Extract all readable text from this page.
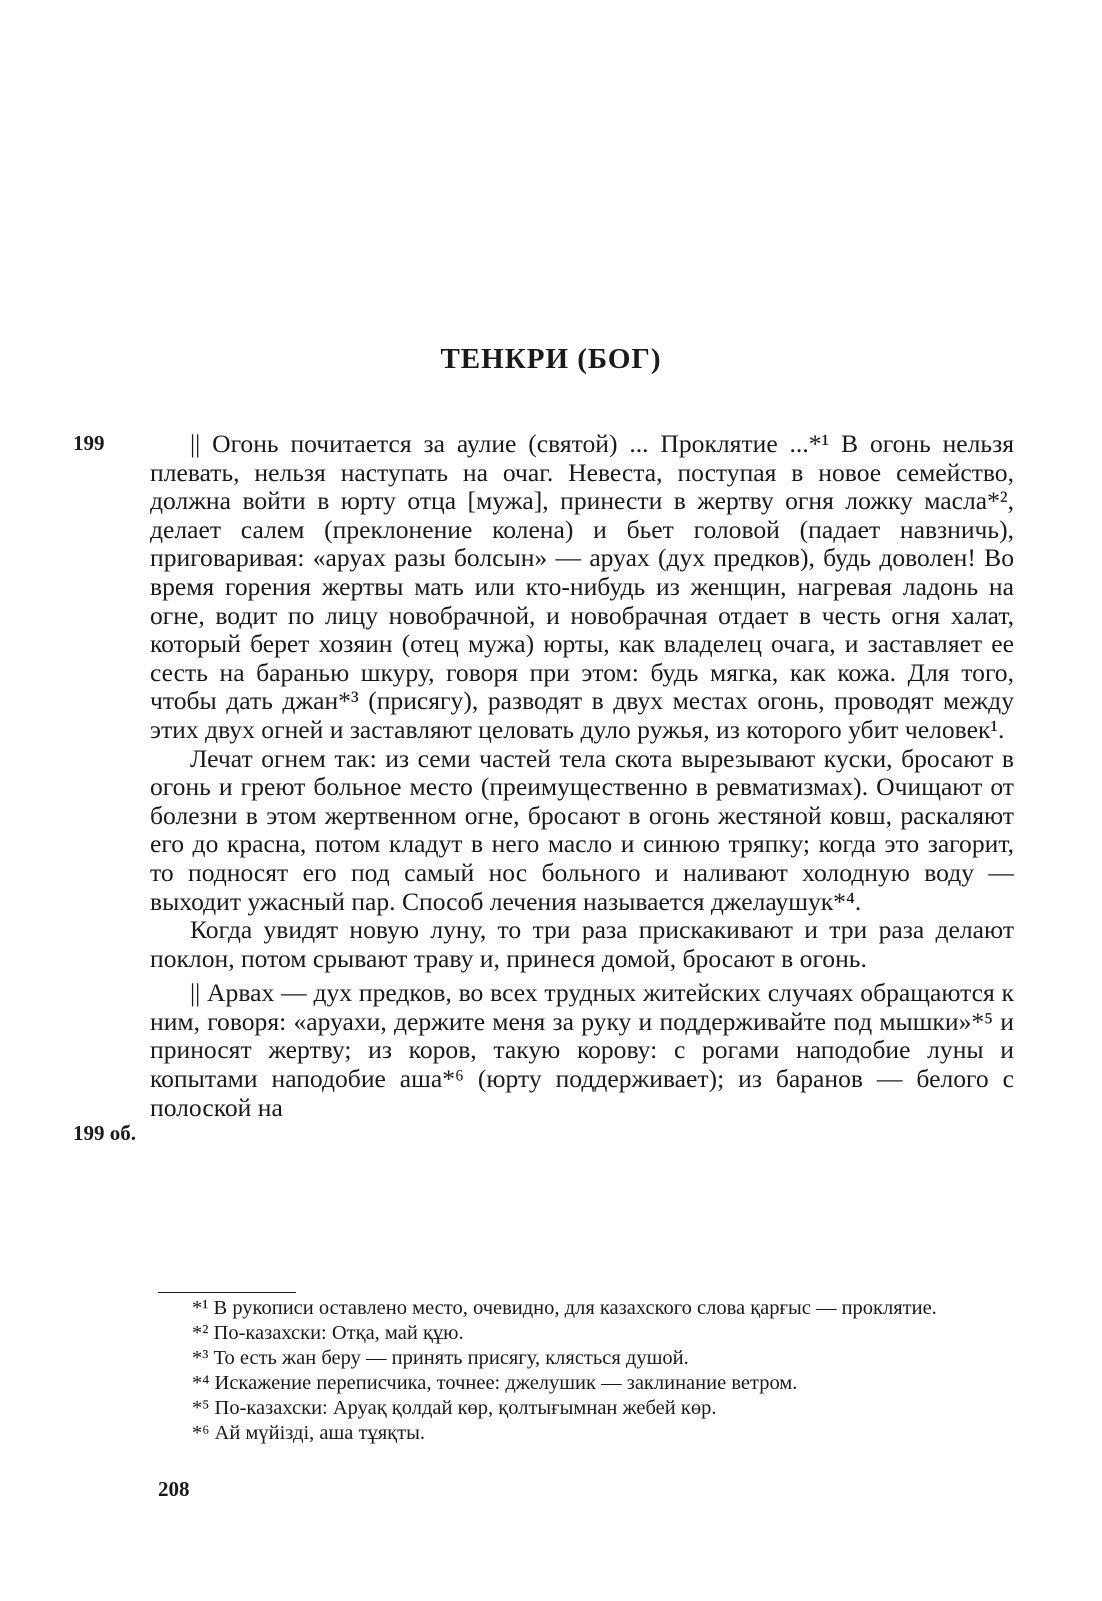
ТЕНКРИ (БОГ)
199
199 об.

|| Огонь почитается за аулие (святой) ... Проклятие ...*¹ В огонь нельзя плевать, нельзя наступать на очаг. Невеста, поступая в новое семейство, должна войти в юрту отца [мужа], принести в жертву огня ложку масла*², делает салем (преклонение колена) и бьет головой (падает навзничь), приговаривая: «аруах разы болсын» — аруах (дух предков), будь доволен! Во время горения жертвы мать или кто-нибудь из женщин, нагревая ладонь на огне, водит по лицу новобрачной, и новобрачная отдает в честь огня халат, который берет хозяин (отец мужа) юрты, как владелец очага, и заставляет ее сесть на баранью шкуру, говоря при этом: будь мягка, как кожа. Для того, чтобы дать джан*³ (присягу), разводят в двух местах огонь, проводят между этих двух огней и заставляют целовать дуло ружья, из которого убит человек¹.

Лечат огнем так: из семи частей тела скота вырезывают куски, бросают в огонь и греют больное место (преимущественно в ревматизмах). Очищают от болезни в этом жертвенном огне, бросают в огонь жестяной ковш, раскаляют его до красна, потом кладут в него масло и синюю тряпку; когда это загорит, то подносят его под самый нос больного и наливают холодную воду — выходит ужасный пар. Способ лечения называется джелаушук*⁴.

Когда увидят новую луну, то три раза прискакивают и три раза делают поклон, потом срывают траву и, принеся домой, бросают в огонь.

|| Арвах — дух предков, во всех трудных житейских случаях обращаются к ним, говоря: «аруахи, держите меня за руку и поддерживайте под мышки»*⁵ и приносят жертву; из коров, такую корову: с рогами наподобие луны и копытами наподобие аша*⁶ (юрту поддерживает); из баранов — белого с полоской на

*¹ В рукописи оставлено место, очевидно, для казахского слова қарғыс — проклятие.

*² По-казахски: Отқа, май құю.

*³ То есть жан беру — принять присягу, клясться душой.

*⁴ Искажение переписчика, точнее: джелушик — заклинание ветром.

*⁵ По-казахски: Аруақ қолдай көр, қолтығымнан жебей көр.

*⁶ Ай мүйізді, аша тұяқты.

208
